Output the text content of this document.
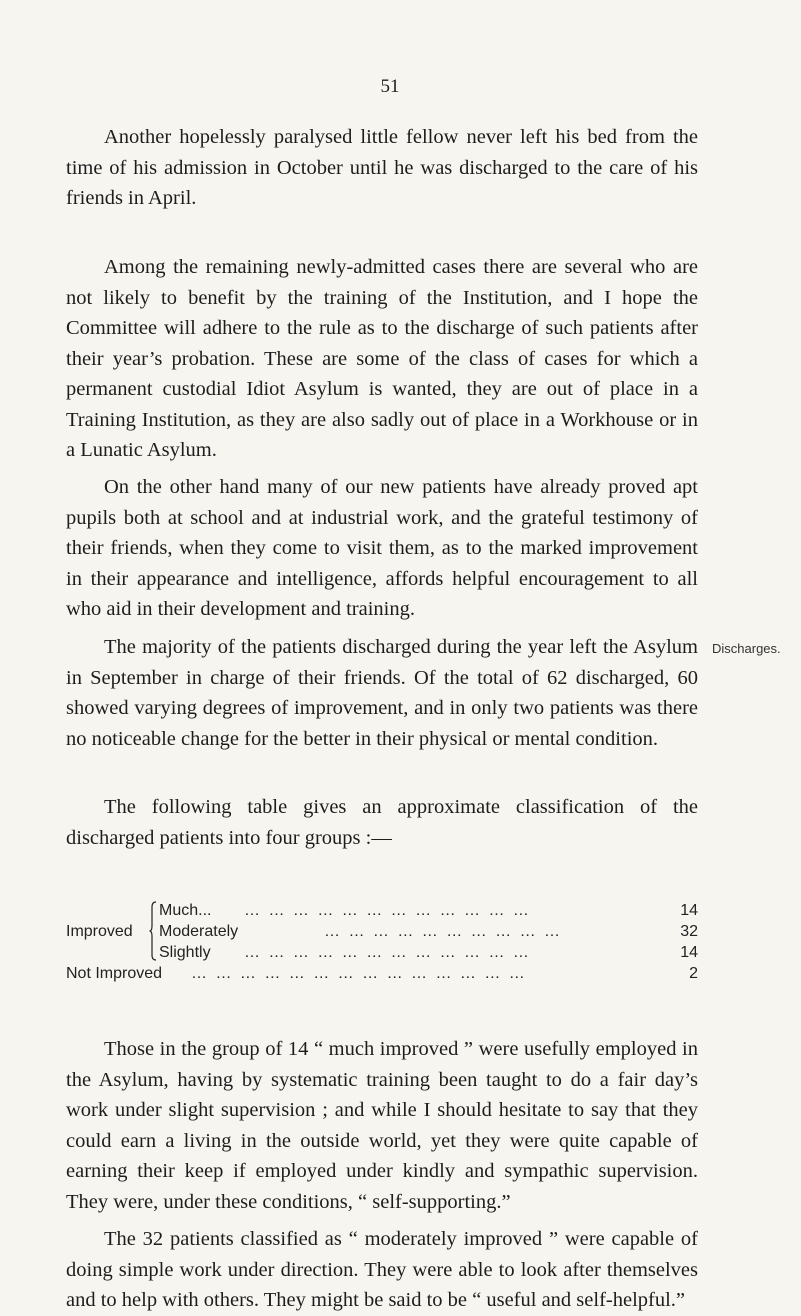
51

Another hopelessly paralysed little fellow never left his bed from the time of his admission in October until he was discharged to the care of his friends in April.

Among the remaining newly-admitted cases there are several who are not likely to benefit by the training of the Institution, and I hope the Committee will adhere to the rule as to the discharge of such patients after their year’s probation. These are some of the class of cases for which a permanent custodial Idiot Asylum is wanted, they are out of place in a Training Institution, as they are also sadly out of place in a Workhouse or in a Lunatic Asylum.

On the other hand many of our new patients have already proved apt pupils both at school and at industrial work, and the grateful testimony of their friends, when they come to visit them, as to the marked improvement in their appearance and intelligence, affords helpful encouragement to all who aid in their development and training.

The majority of the patients discharged during the year left the Asylum in September in charge of their friends. Of the total of 62 discharged, 60 showed varying degrees of improvement, and in only two patients was there no noticeable change for the better in their physical or mental condition.

Discharges.

The following table gives an approximate classification of the discharged patients into four groups :—

Improved
Much... … … … … … … … … … … … …	14
Moderately	… … … … … … … … … …	32
Slightly … … … … … … … … … … … …	14
Not Improved … … … … … … … … … … … … … …	2

Those in the group of 14 “ much improved ” were usefully employed in the Asylum, having by systematic training been taught to do a fair day’s work under slight supervision ; and while I should hesitate to say that they could earn a living in the outside world, yet they were quite capable of earning their keep if employed under kindly and sympathic supervision. They were, under these conditions, “ self-supporting.”

The 32 patients classified as “ moderately improved ” were capable of doing simple work under direction. They were able to look after themselves and to help with others. They might be said to be “ useful and self-helpful.”
